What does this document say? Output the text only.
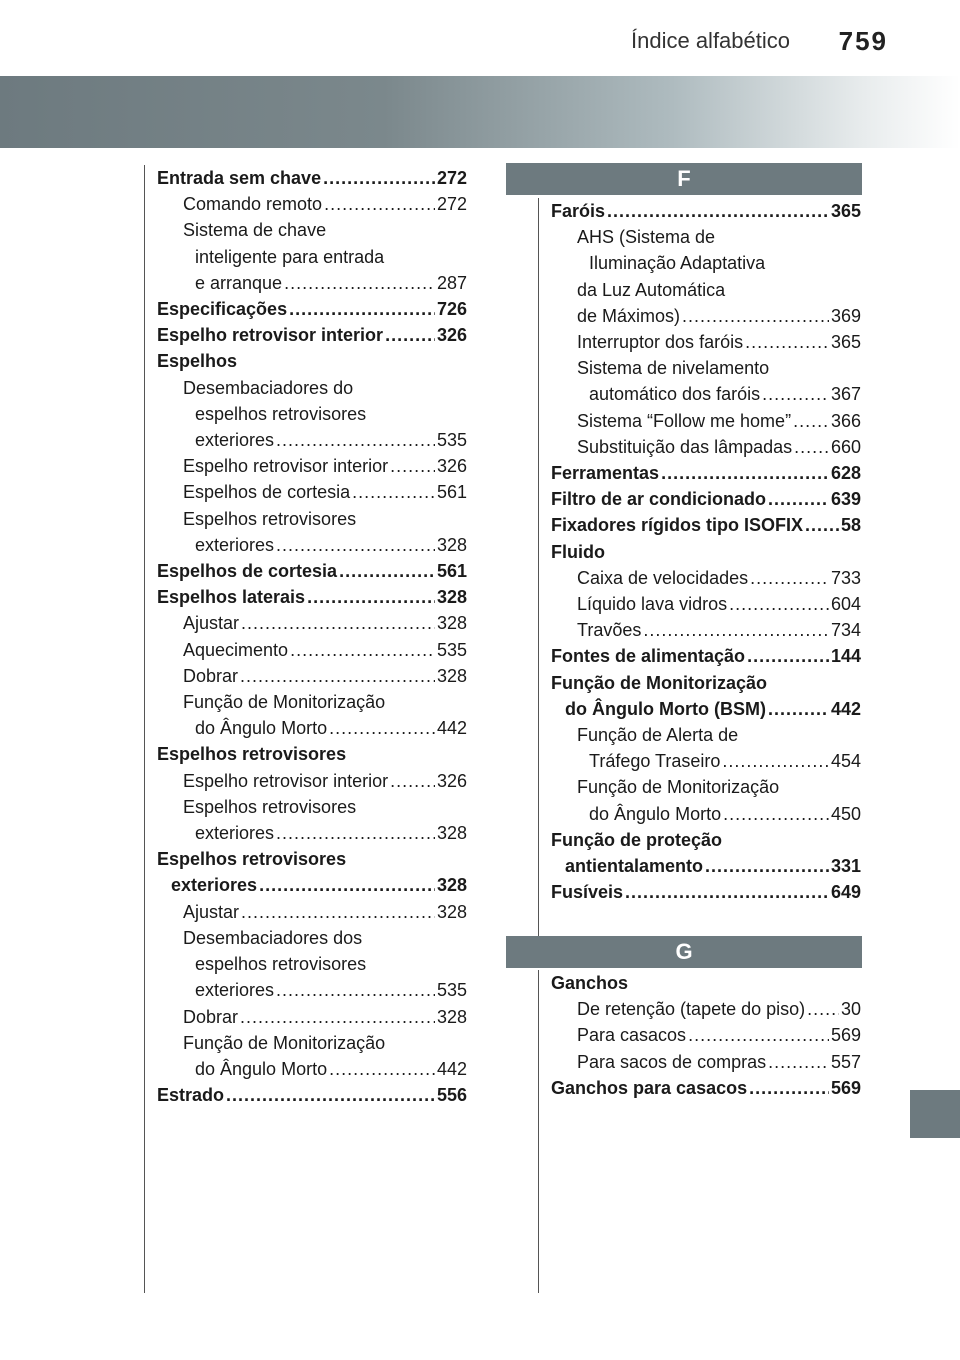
Índice alfabético 759
Entrada sem chave .....	272
Comando remoto .....	272
Sistema de chave
inteligente para entrada
e arranque .....	287
Especificações .....	726
Espelho retrovisor interior .....	326
Espelhos
Desembaciadores do
espelhos retrovisores
exteriores .....	535
Espelho retrovisor interior .....	326
Espelhos de cortesia .....	561
Espelhos retrovisores
exteriores .....	328
Espelhos de cortesia .....	561
Espelhos laterais .....	328
Ajustar .....	328
Aquecimento .....	535
Dobrar .....	328
Função de Monitorização
do Ângulo Morto .....	442
Espelhos retrovisores
Espelho retrovisor interior .....	326
Espelhos retrovisores
exteriores .....	328
Espelhos retrovisores
exteriores .....	328
Ajustar .....	328
Desembaciadores dos
espelhos retrovisores
exteriores .....	535
Dobrar .....	328
Função de Monitorização
do Ângulo Morto .....	442
Estrado .....	556
F
Faróis .....	365
AHS (Sistema de
Iluminação Adaptativa
da Luz Automática
de Máximos) .....	369
Interruptor dos faróis .....	365
Sistema de nivelamento
automático dos faróis .....	367
Sistema “Follow me home” ..... 366
Substituição das lâmpadas ..... 660
Ferramentas .....	628
Filtro de ar condicionado .....	639
Fixadores rígidos tipo ISOFIX ..... 58
Fluido
Caixa de velocidades .....	733
Líquido lava vidros .....	604
Travões .....	734
Fontes de alimentação .....	144
Função de Monitorização
do Ângulo Morto (BSM) .....	442
Função de Alerta de
Tráfego Traseiro .....	454
Função de Monitorização
do Ângulo Morto .....	450
Função de proteção
antientalamento .....	331
Fusíveis .....	649
G
Ganchos
De retenção (tapete do piso) ..... 30
Para casacos .....	569
Para sacos de compras .....	557
Ganchos para casacos .....	569
